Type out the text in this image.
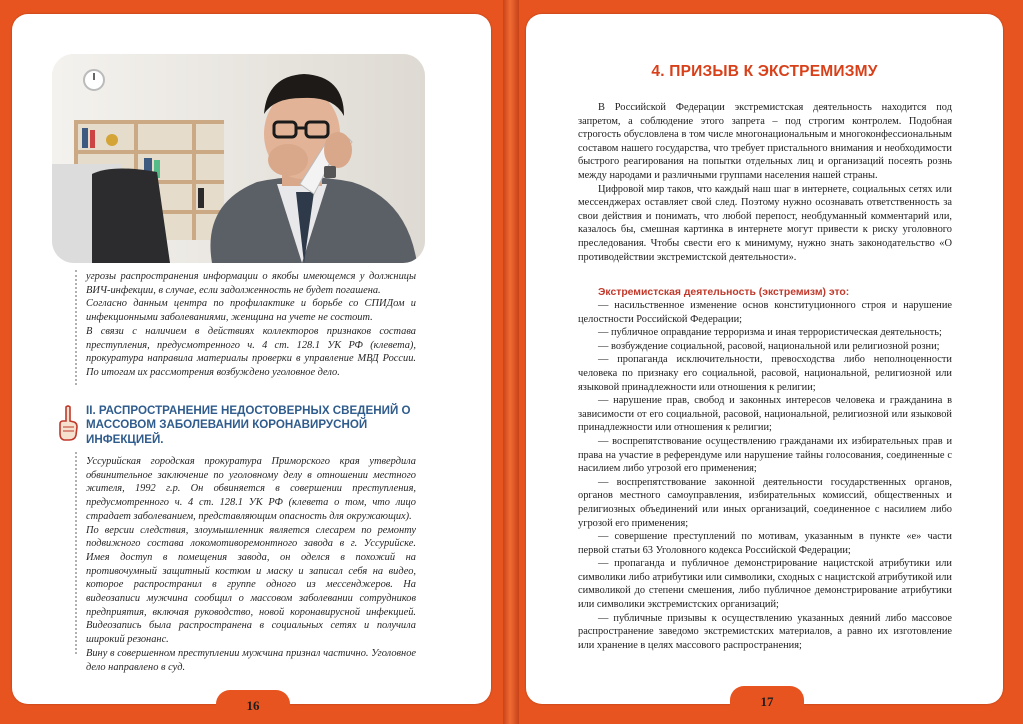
угрозы распространения информации о якобы имеющемся у должницы ВИЧ-инфекции, в случае, если задолженность не будет погашена.

Согласно данным центра по профилактике и борьбе со СПИДом и инфекционными заболеваниями, женщина на учете не состоит.

В связи с наличием в действиях коллекторов признаков состава преступления, предусмотренного ч. 4 ст. 128.1 УК РФ (клевета), прокуратура направила материалы проверки в управление МВД России. По итогам их рассмотрения возбуждено уголовное дело.

II. РАСПРОСТРАНЕНИЕ НЕДОСТОВЕРНЫХ СВЕДЕНИЙ О МАССОВОМ ЗАБОЛЕВАНИИ КОРОНАВИРУСНОЙ ИНФЕКЦИЕЙ.

Уссурийская городская прокуратура Приморского края утвердила обвинительное заключение по уголовному делу в отношении местного жителя, 1992 г.р. Он обвиняется в совершении преступления, предусмотренного ч. 4 ст. 128.1 УК РФ (клевета о том, что лицо страдает заболеванием, представляющим опасность для окружающих).

По версии следствия, злоумышленник является слесарем по ремонту подвижного состава локомотиворемонтного завода в г. Уссурийске. Имея доступ в помещения завода, он оделся в похожий на противочумный защитный костюм и маску и записал себя на видео, которое распространил в группе одного из мессенджеров. На видеозаписи мужчина сообщил о массовом заболевании сотрудников предприятия, включая руководство, новой коронавирусной инфекцией. Видеозапись была распространена в социальных сетях и получила широкий резонанс.

Вину в совершенном преступлении мужчина признал частично. Уголовное дело направлено в суд.

16
4. ПРИЗЫВ К ЭКСТРЕМИЗМУ

В Российской Федерации экстремистская деятельность находится под запретом, а соблюдение этого запрета – под строгим контролем. Подобная строгость обусловлена в том числе многонациональным и многоконфессиональным составом нашего государства, что требует пристального внимания и необходимости быстрого реагирования на попытки отдельных лиц и организаций посеять рознь между народами и различными группами населения нашей страны.

Цифровой мир таков, что каждый наш шаг в интернете, социальных сетях или мессенджерах оставляет свой след. Поэтому нужно осознавать ответственность за свои действия и понимать, что любой перепост, необдуманный комментарий или, казалось бы, смешная картинка в интернете могут привести к риску уголовного преследования. Чтобы свести его к минимуму, нужно знать законодательство «О противодействии экстремистской деятельности».

Экстремистская деятельность (экстремизм) это:
— насильственное изменение основ конституционного строя и нарушение целостности Российской Федерации;
— публичное оправдание терроризма и иная террористическая деятельность;
— возбуждение социальной, расовой, национальной или религиозной розни;
— пропаганда исключительности, превосходства либо неполноценности человека по признаку его социальной, расовой, национальной, религиозной или языковой принадлежности или отношения к религии;
— нарушение прав, свобод и законных интересов человека и гражданина в зависимости от его социальной, расовой, национальной, религиозной или языковой принадлежности или отношения к религии;
— воспрепятствование осуществлению гражданами их избирательных прав и права на участие в референдуме или нарушение тайны голосования, соединенные с насилием либо угрозой его применения;
— воспрепятствование законной деятельности государственных органов, органов местного самоуправления, избирательных комиссий, общественных и религиозных объединений или иных организаций, соединенное с насилием либо угрозой его применения;
— совершение преступлений по мотивам, указанным в пункте «е» части первой статьи 63 Уголовного кодекса Российской Федерации;
— пропаганда и публичное демонстрирование нацистской атрибутики или символики либо атрибутики или символики, сходных с нацистской атрибутикой или символикой до степени смешения, либо публичное демонстрирование атрибутики или символики экстремистских организаций;
— публичные призывы к осуществлению указанных деяний либо массовое распространение заведомо экстремистских материалов, а равно их изготовление или хранение в целях массового распространения;
17
